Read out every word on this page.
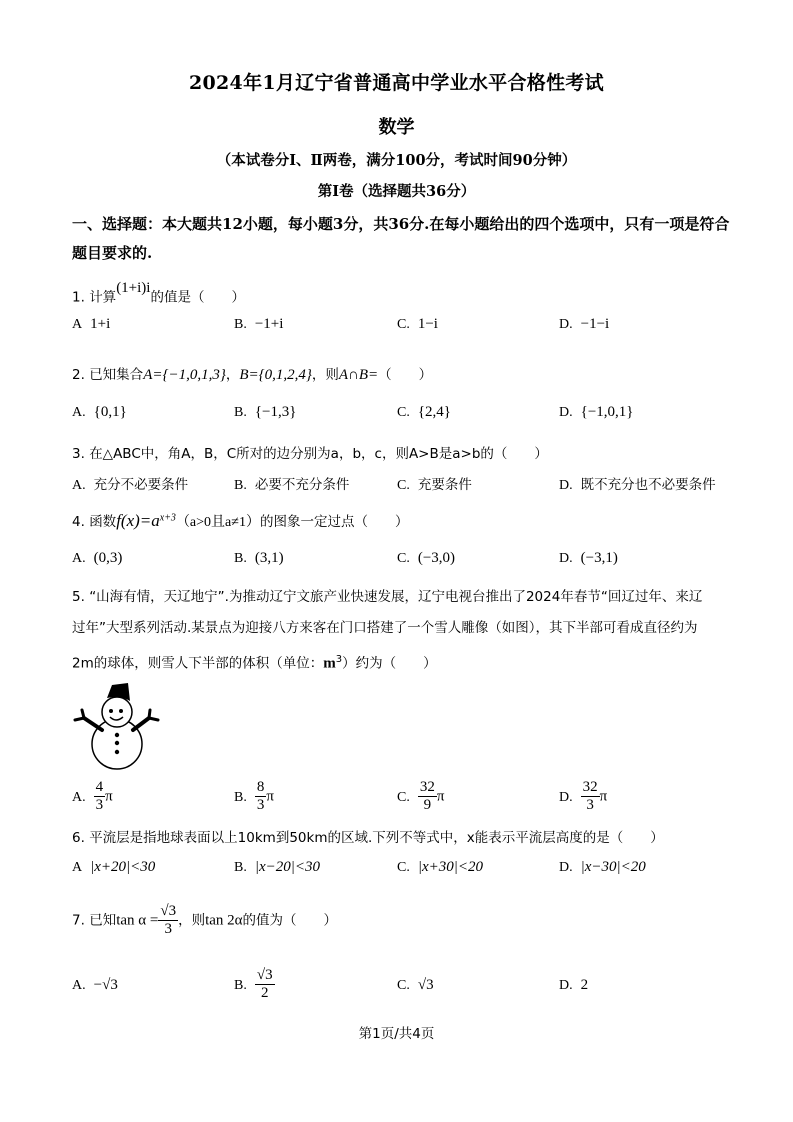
2024年1月辽宁省普通高中学业水平合格性考试
数学
（本试卷分Ⅰ、Ⅱ两卷，满分100分，考试时间90分钟）
第Ⅰ卷（选择题共36分）
一、选择题：本大题共12小题，每小题3分，共36分.在每小题给出的四个选项中，只有一项是符合题目要求的.
1. 计算$^{(1+i)i}$的值是（　　）
A 1+i	B. −1+i	C. 1−i	D. −1−i
2. 已知集合A={−1,0,1,3}，B={0,1,2,4}，则A∩B=（　　）
A. {0,1}	B. {−1,3}	C. {2,4}	D. {−1,0,1}
3. 在△ABC中，角A，B，C所对的边分别为a，b，c，则A>B是a>b的（　　）
A. 充分不必要条件	B. 必要不充分条件	C. 充要条件	D. 既不充分也不必要条件
4. 函数$f(x)=a^{x+3}(a>0$且a≠1）的图象一定过点（　　）
A. (0,3)	B. (3,1)	C. (−3,0)	D. (−3,1)
5. “山海有情，天辽地宁”.为推动辽宁文旅产业快速发展，辽宁电视台推出了2024年春节“回辽过年、来辽
过年”大型系列活动.某景点为迎接八方来客在门口搭建了一个雪人雕像（如图），其下半部可看成直径约为
2m的球体，则雪人下半部的体积（单位：$m^3$）约为（　　）
A. $\frac{4}{3}$ π	B. $\frac{8}{3}$ π	C. $\frac{32}{9}$ π	D. $\frac{32}{3}$ π
6. 平流层是指地球表面以上10km到50km的区域.下列不等式中，x能表示平流层高度的是（　　）
A |x+20|<30	B. |x−20|<30	C. |x+30|<20	D. |x−30|<20
7. 已知$\tan \alpha = \frac{√3}{3}$ ，则tan 2α的值为（　　）
A. −√3	B. $\frac{√3}{2}$	C. √3	D. 2
第1页/共4页
